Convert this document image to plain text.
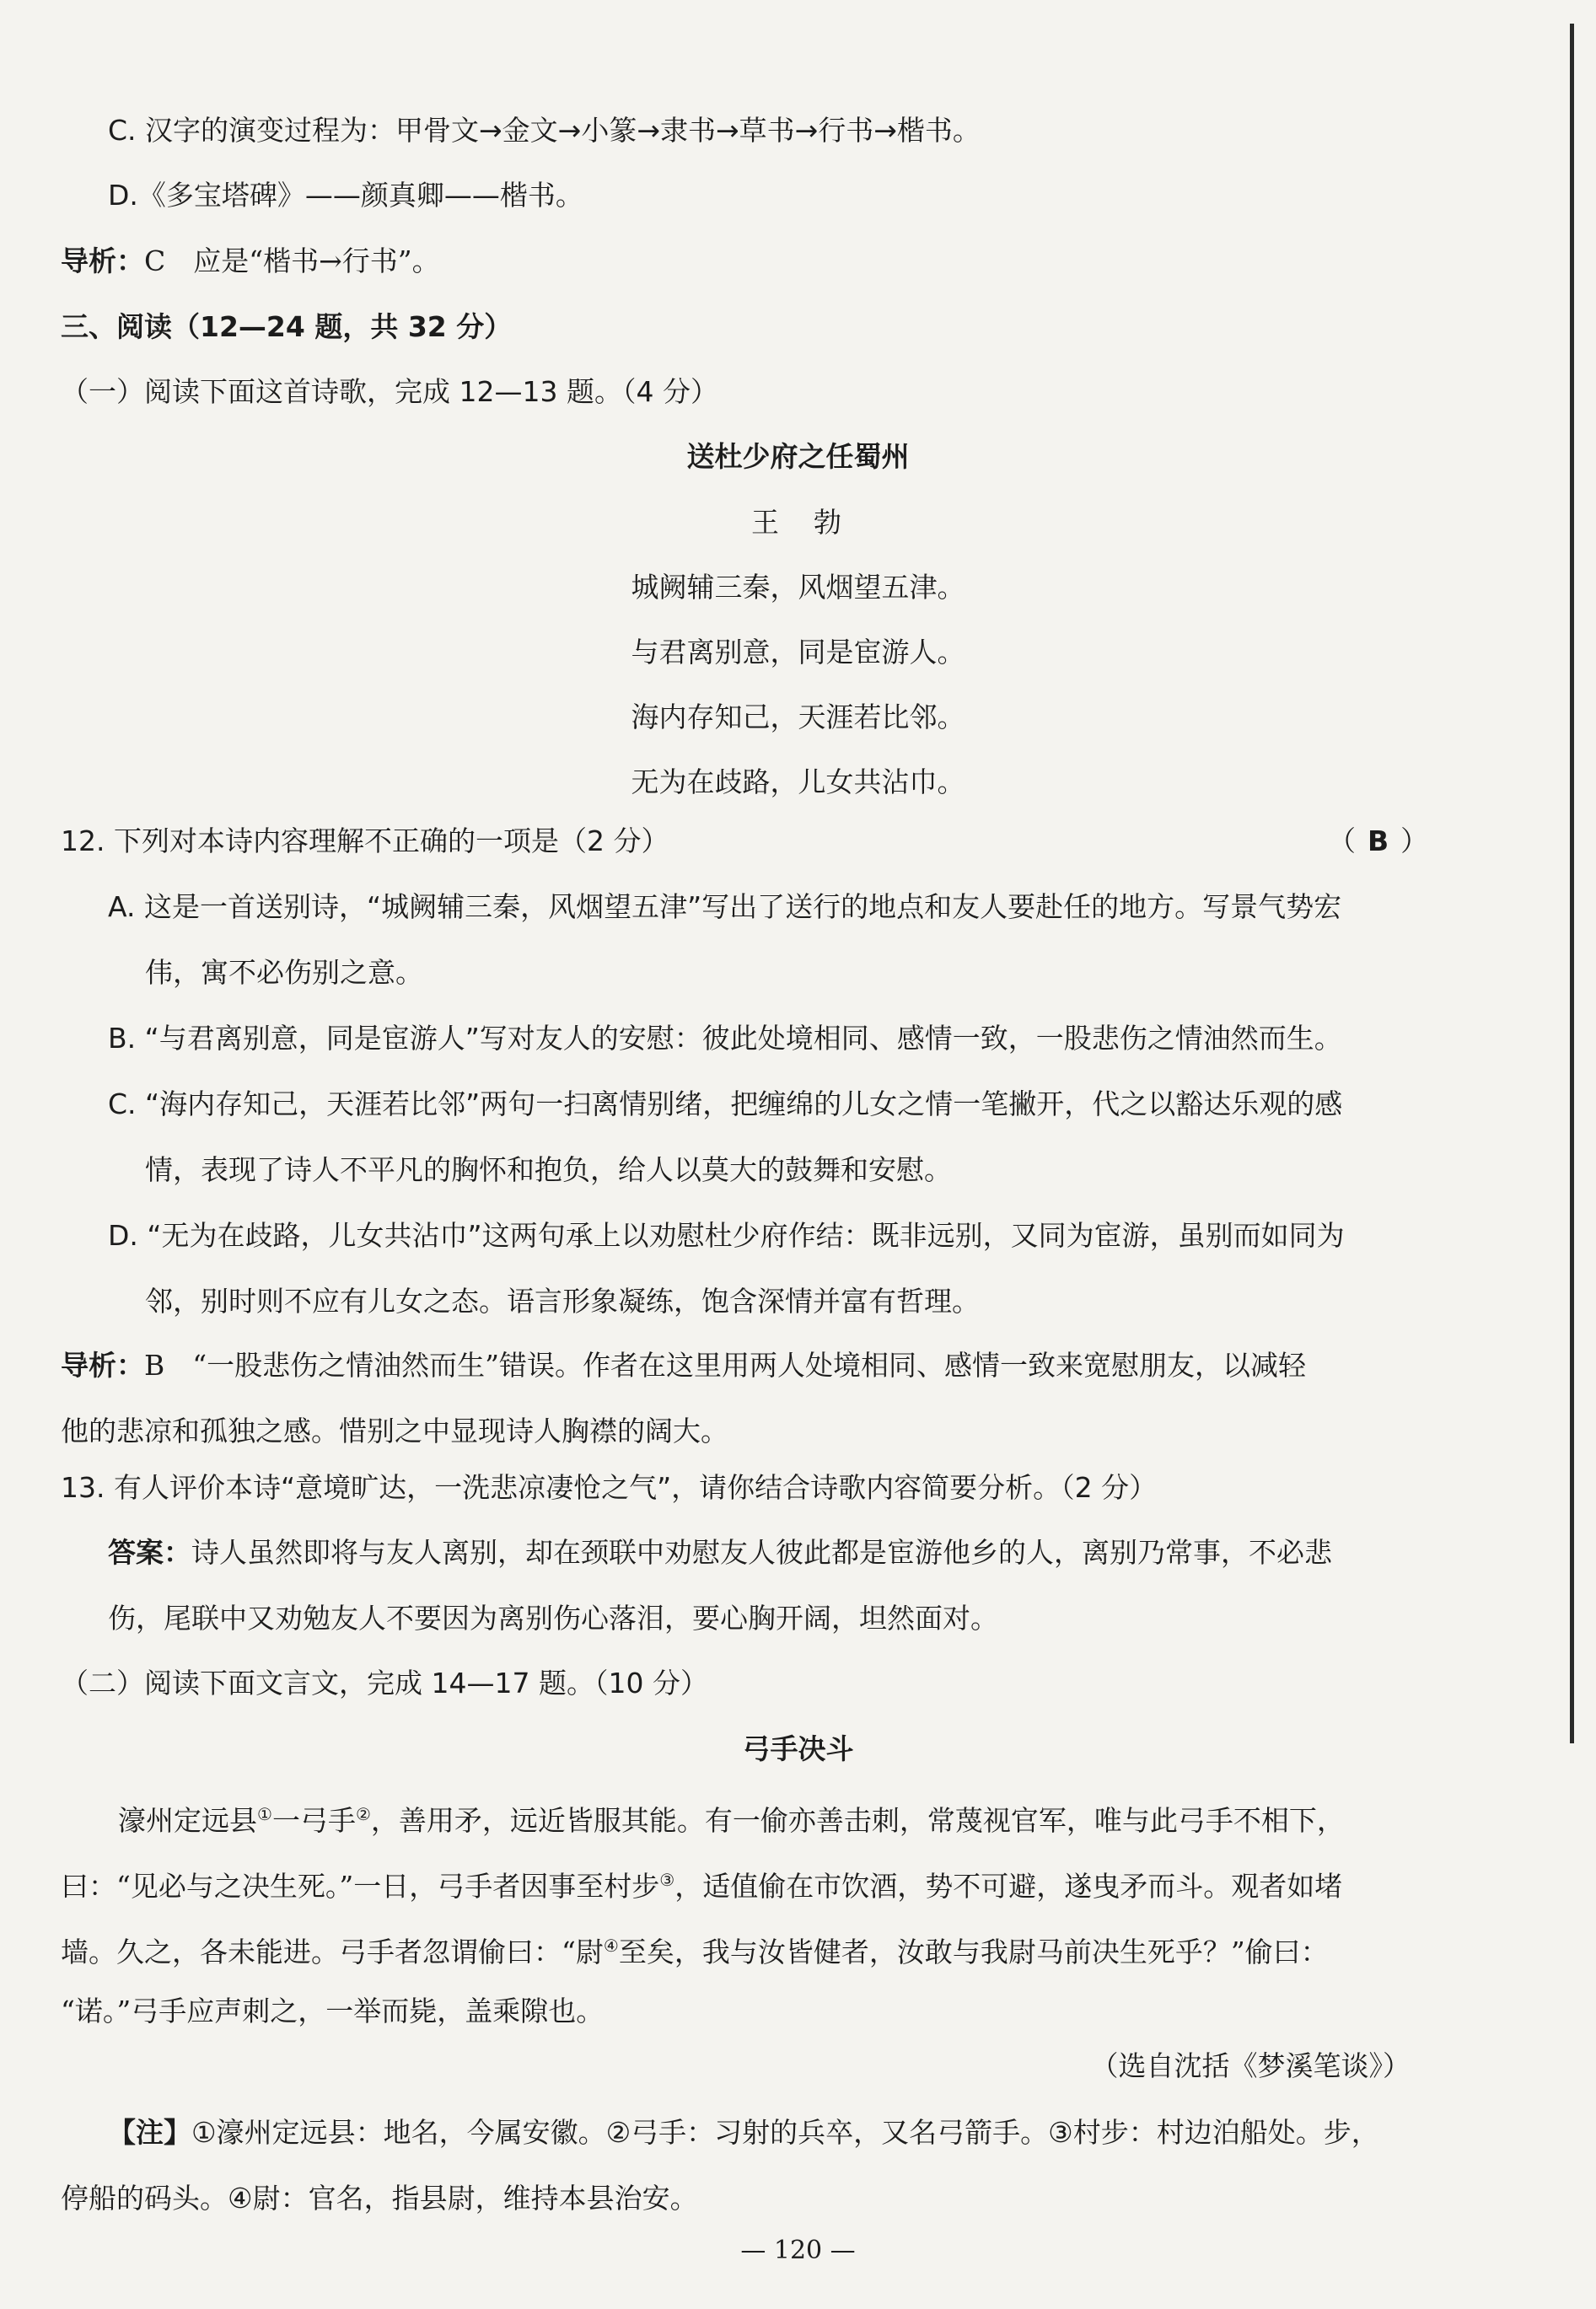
C. 汉字的演变过程为：甲骨文→金文→小篆→隶书→草书→行书→楷书。
D.《多宝塔碑》——颜真卿——楷书。
导析：C　应是“楷书→行书”。
三、阅读（12—24 题，共 32 分）
（一）阅读下面这首诗歌，完成 12—13 题。（4 分）
送杜少府之任蜀州
王　勃
城阙辅三秦，风烟望五津。
与君离别意，同是宦游人。
海内存知己，天涯若比邻。
无为在歧路，儿女共沾巾。
12. 下列对本诗内容理解不正确的一项是（2 分）	（ B ）
A. 这是一首送别诗，“城阙辅三秦，风烟望五津”写出了送行的地点和友人要赴任的地方。写景气势宏
伟，寓不必伤别之意。
B. “与君离别意，同是宦游人”写对友人的安慰：彼此处境相同、感情一致，一股悲伤之情油然而生。
C. “海内存知己，天涯若比邻”两句一扫离情别绪，把缠绵的儿女之情一笔撇开，代之以豁达乐观的感
情，表现了诗人不平凡的胸怀和抱负，给人以莫大的鼓舞和安慰。
D. “无为在歧路，儿女共沾巾”这两句承上以劝慰杜少府作结：既非远别，又同为宦游，虽别而如同为
邻，别时则不应有儿女之态。语言形象凝练，饱含深情并富有哲理。
导析：B　“一股悲伤之情油然而生”错误。作者在这里用两人处境相同、感情一致来宽慰朋友，以减轻
他的悲凉和孤独之感。惜别之中显现诗人胸襟的阔大。
13. 有人评价本诗“意境旷达，一洗悲凉凄怆之气”，请你结合诗歌内容简要分析。（2 分）
答案：诗人虽然即将与友人离别，却在颈联中劝慰友人彼此都是宦游他乡的人，离别乃常事，不必悲
伤，尾联中又劝勉友人不要因为离别伤心落泪，要心胸开阔，坦然面对。
（二）阅读下面文言文，完成 14—17 题。（10 分）
弓手决斗
濠州定远县①一弓手②，善用矛，远近皆服其能。有一偷亦善击刺，常蔑视官军，唯与此弓手不相下，
曰：“见必与之决生死。”一日，弓手者因事至村步③，适值偷在市饮酒，势不可避，遂曳矛而斗。观者如堵
墙。久之，各未能进。弓手者忽谓偷曰：“尉④至矣，我与汝皆健者，汝敢与我尉马前决生死乎？”偷曰：
“诺。”弓手应声刺之，一举而毙，盖乘隙也。
（选自沈括《梦溪笔谈》）
【注】①濠州定远县：地名，今属安徽。②弓手：习射的兵卒，又名弓箭手。③村步：村边泊船处。步，
停船的码头。④尉：官名，指县尉，维持本县治安。
— 120 —
